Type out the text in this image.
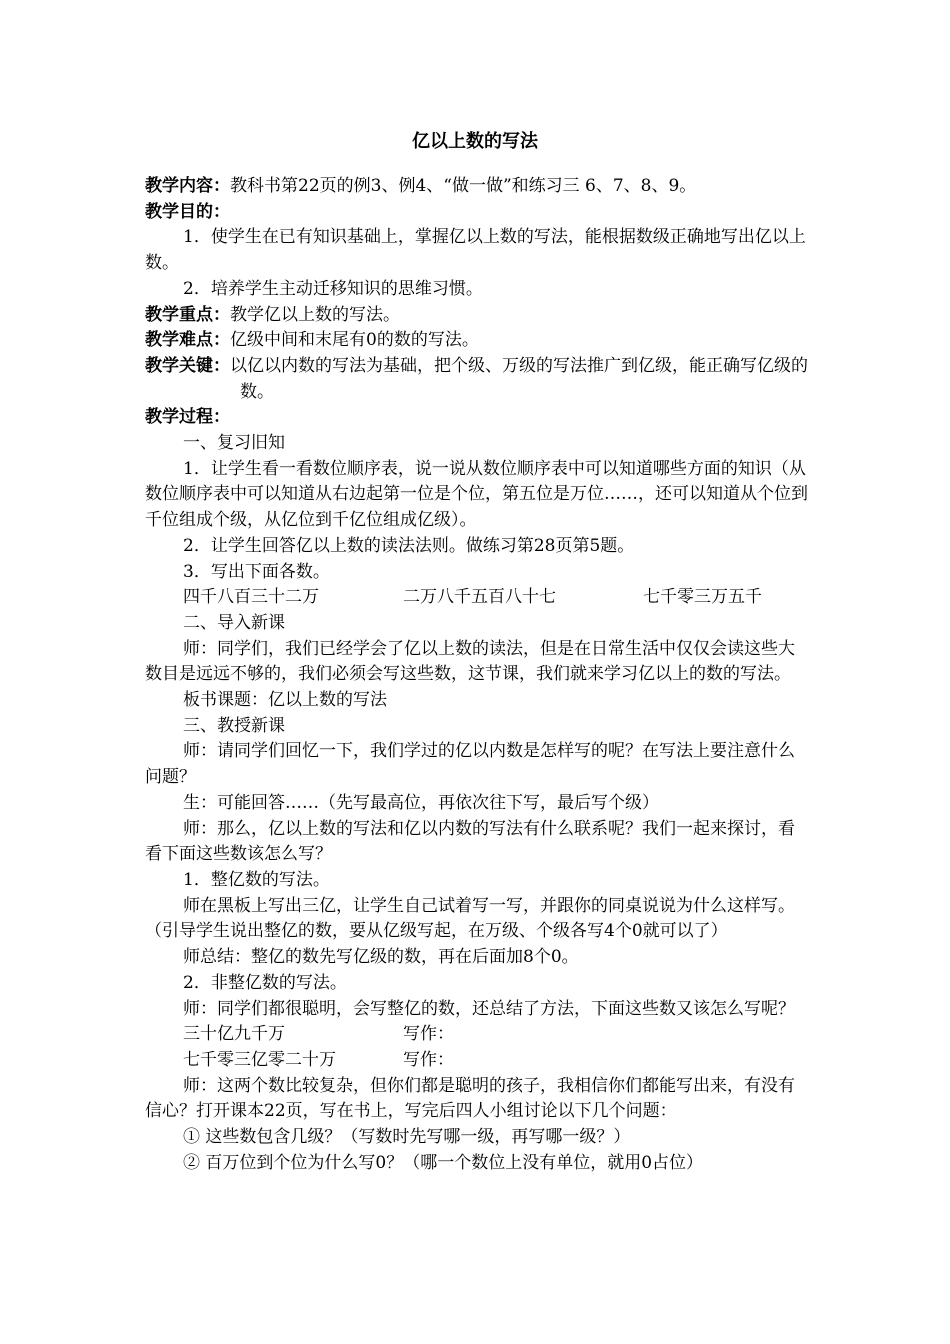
亿以上数的写法

教学内容：教科书第22页的例3、例4、“做一做”和练习三 6、7、8、9。

教学目的：

1．使学生在已有知识基础上，掌握亿以上数的写法，能根据数级正确地写出亿以上数。

2．培养学生主动迁移知识的思维习惯。

教学重点：教学亿以上数的写法。

教学难点：亿级中间和末尾有0的数的写法。

教学关键：以亿以内数的写法为基础，把个级、万级的写法推广到亿级，能正确写亿级的数。

教学过程：

一、复习旧知

1．让学生看一看数位顺序表，说一说从数位顺序表中可以知道哪些方面的知识（从数位顺序表中可以知道从右边起第一位是个位，第五位是万位……，还可以知道从个位到千位组成个级，从亿位到千亿位组成亿级）。

2．让学生回答亿以上数的读法法则。做练习第28页第5题。

3．写出下面各数。

四千八百三十二万	二万八千五百八十七	七千零三万五千

二、导入新课

师：同学们，我们已经学会了亿以上数的读法，但是在日常生活中仅仅会读这些大数目是远远不够的，我们必须会写这些数，这节课，我们就来学习亿以上的数的写法。

板书课题：亿以上数的写法

三、教授新课

师：请同学们回忆一下，我们学过的亿以内数是怎样写的呢？在写法上要注意什么问题？

生：可能回答……（先写最高位，再依次往下写，最后写个级）

师：那么，亿以上数的写法和亿以内数的写法有什么联系呢？我们一起来探讨，看看下面这些数该怎么写？

1．整亿数的写法。

师在黑板上写出三亿，让学生自己试着写一写，并跟你的同桌说说为什么这样写。（引导学生说出整亿的数，要从亿级写起，在万级、个级各写4个0就可以了）

师总结：整亿的数先写亿级的数，再在后面加8个0。

2．非整亿数的写法。

师：同学们都很聪明，会写整亿的数，还总结了方法，下面这些数又该怎么写呢？

三十亿九千万	写作：
七千零三亿零二十万	写作：

师：这两个数比较复杂，但你们都是聪明的孩子，我相信你们都能写出来，有没有信心？打开课本22页，写在书上，写完后四人小组讨论以下几个问题：

① 这些数包含几级？（写数时先写哪一级，再写哪一级？）

② 百万位到个位为什么写0？（哪一个数位上没有单位，就用0占位）
